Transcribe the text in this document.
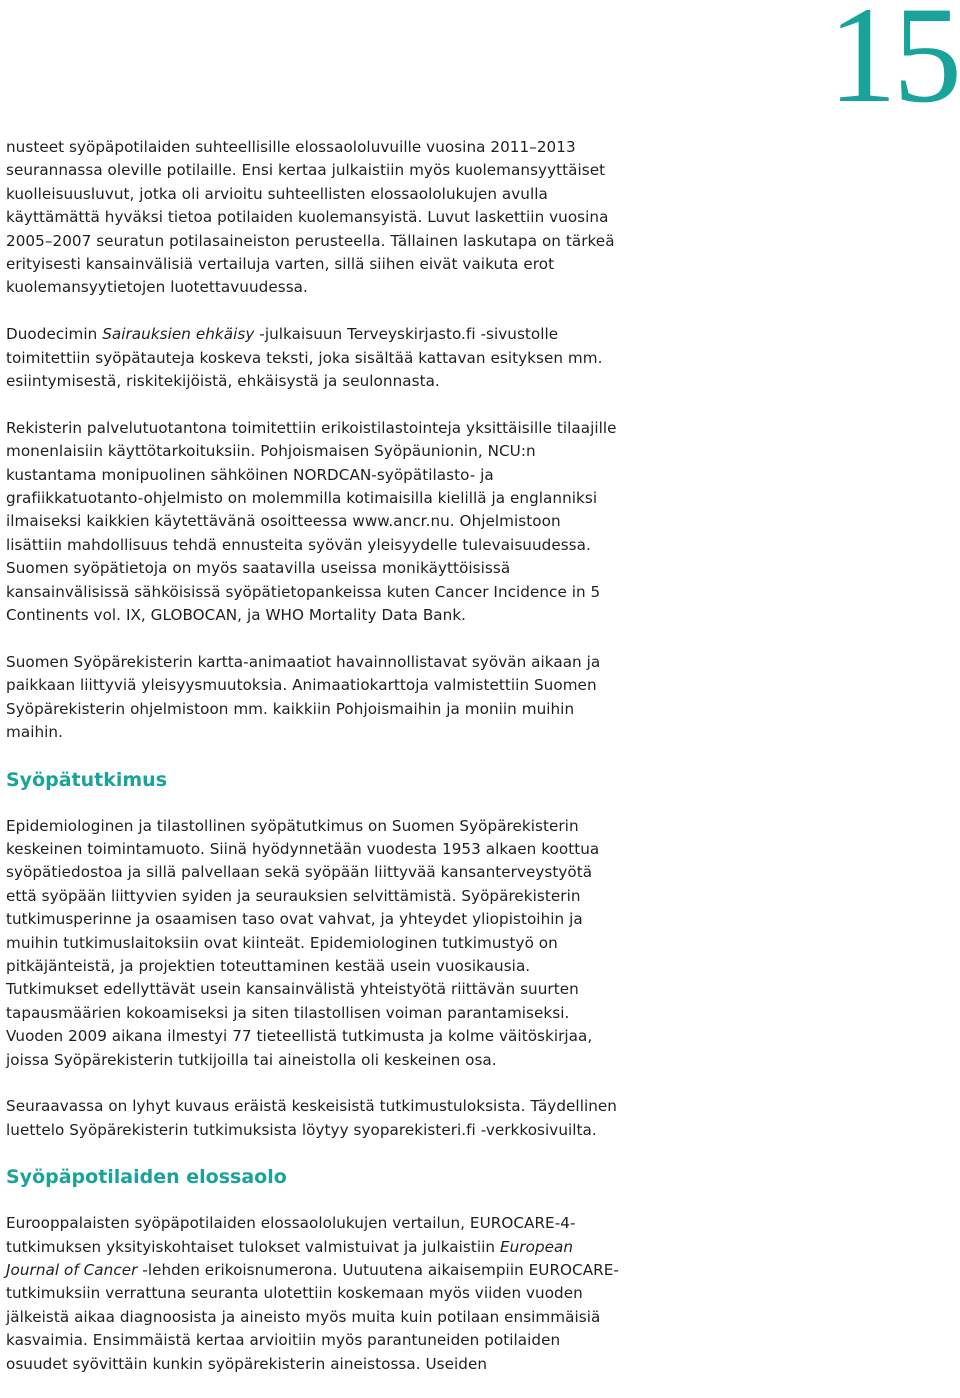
15

nusteet syöpäpotilaiden suhteellisille elossaololuvuille vuosina 2011–2013 seurannassa oleville potilaille. Ensi kertaa julkaistiin myös kuolemansyyttäiset kuolleisuusluvut, jotka oli arvioitu suhteellisten elossaololukujen avulla käyttämättä hyväksi tietoa potilaiden kuolemansyistä. Luvut laskettiin vuosina 2005–2007 seuratun potilasaineiston perusteella. Tällainen laskutapa on tärkeä erityisesti kansainvälisiä vertailuja varten, sillä siihen eivät vaikuta erot kuolemansyytietojen luotettavuudessa.

Duodecimin Sairauksien ehkäisy -julkaisuun Terveyskirjasto.fi -sivustolle toimitettiin syöpätauteja koskeva teksti, joka sisältää kattavan esityksen mm. esiintymisestä, riskitekijöistä, ehkäisystä ja seulonnasta.

Rekisterin palvelutuotantona toimitettiin erikoistilastointeja yksittäisille tilaajille monenlaisiin käyttötarkoituksiin. Pohjoismaisen Syöpäunionin, NCU:n kustantama monipuolinen sähköinen NORDCAN-syöpätilasto- ja grafiikkatuotanto-ohjelmisto on molemmilla kotimaisilla kielillä ja englanniksi ilmaiseksi kaikkien käytettävänä osoitteessa www.ancr.nu. Ohjelmistoon lisättiin mahdollisuus tehdä ennusteita syövän yleisyydelle tulevaisuudessa. Suomen syöpätietoja on myös saatavilla useissa monikäyttöisissä kansainvälisissä sähköisissä syöpätietopankeissa kuten Cancer Incidence in 5 Continents vol. IX, GLOBOCAN, ja WHO Mortality Data Bank.

Suomen Syöpärekisterin kartta-animaatiot havainnollistavat syövän aikaan ja paikkaan liittyviä yleisyysmuutoksia. Animaatiokarttoja valmistettiin Suomen Syöpärekisterin ohjelmistoon mm. kaikkiin Pohjoismaihin ja moniin muihin maihin.

Syöpätutkimus

Epidemiologinen ja tilastollinen syöpätutkimus on Suomen Syöpärekisterin keskeinen toimintamuoto. Siinä hyödynnetään vuodesta 1953 alkaen koottua syöpätiedostoa ja sillä palvellaan sekä syöpään liittyvää kansanterveystyötä että syöpään liittyvien syiden ja seurauksien selvittämistä. Syöpärekisterin tutkimusperinne ja osaamisen taso ovat vahvat, ja yhteydet yliopistoihin ja muihin tutkimuslaitoksiin ovat kiinteät. Epidemiologinen tutkimustyö on pitkäjänteistä, ja projektien toteuttaminen kestää usein vuosikausia. Tutkimukset edellyttävät usein kansainvälistä yhteistyötä riittävän suurten tapausmäärien kokoamiseksi ja siten tilastollisen voiman parantamiseksi. Vuoden 2009 aikana ilmestyi 77 tieteellistä tutkimusta ja kolme väitöskirjaa, joissa Syöpärekisterin tutkijoilla tai aineistolla oli keskeinen osa.

Seuraavassa on lyhyt kuvaus eräistä keskeisistä tutkimustuloksista. Täydellinen luettelo Syöpärekisterin tutkimuksista löytyy syoparekisteri.fi -verkkosivuilta.

Syöpäpotilaiden elossaolo

Eurooppalaisten syöpäpotilaiden elossaololukujen vertailun, EUROCARE-4-tutkimuksen yksityiskohtaiset tulokset valmistuivat ja julkaistiin European Journal of Cancer -lehden erikoisnumerona. Uutuutena aikaisempiin EUROCARE-tutkimuksiin verrattuna seuranta ulotettiin koskemaan myös viiden vuoden jälkeistä aikaa diagnoosista ja aineisto myös muita kuin potilaan ensimmäisiä kasvaimia. Ensimmäistä kertaa arvioitiin myös parantuneiden potilaiden osuudet syövittäin kunkin syöpärekisterin aineistossa. Useiden
